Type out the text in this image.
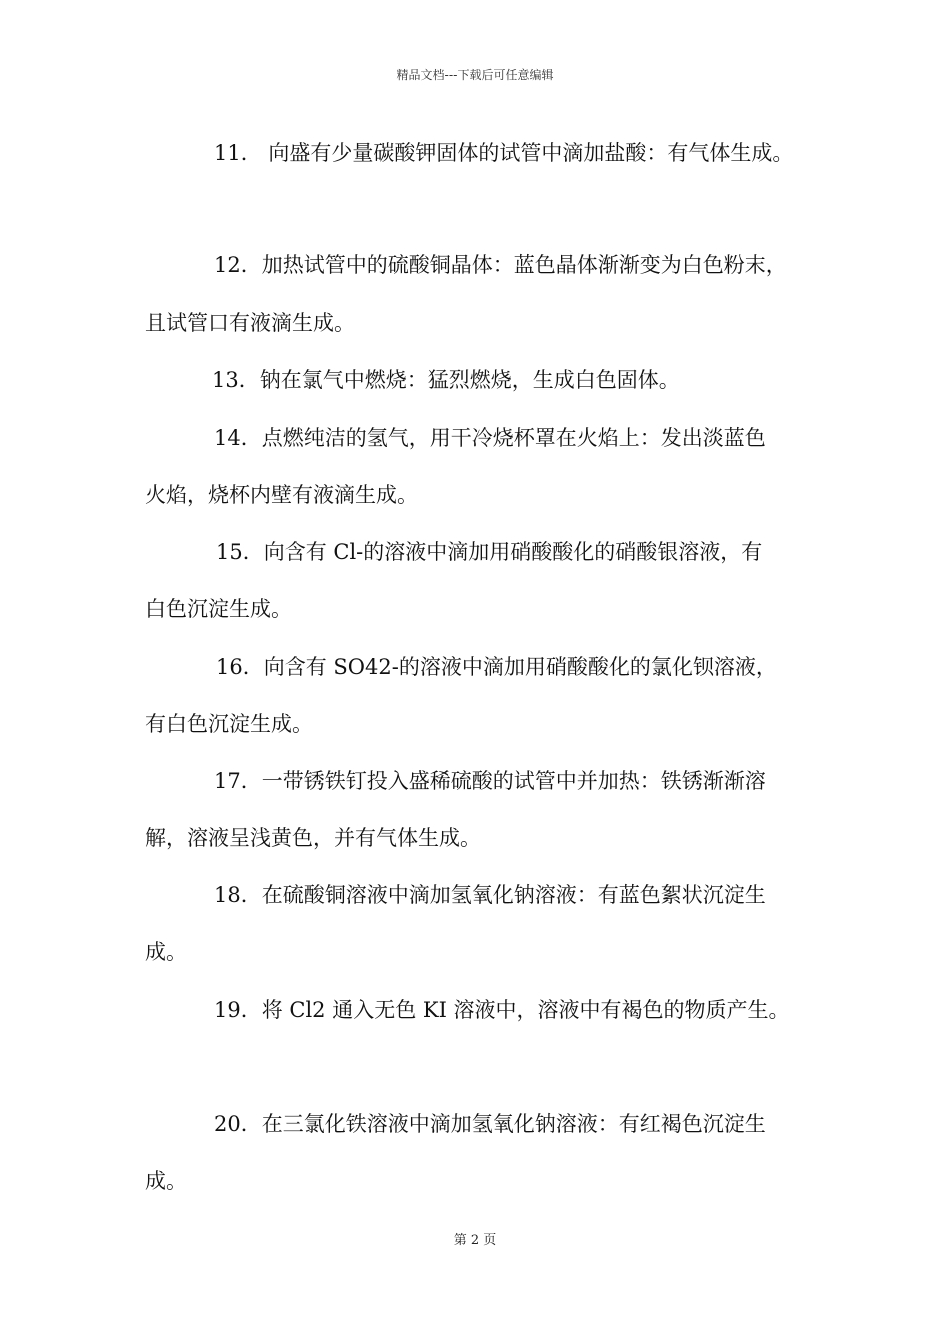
精品文档---下载后可任意编辑
11． 向盛有少量碳酸钾固体的试管中滴加盐酸：有气体生成。
12．加热试管中的硫酸铜晶体：蓝色晶体渐渐变为白色粉末，
且试管口有液滴生成。
13．钠在氯气中燃烧：猛烈燃烧，生成白色固体。
14．点燃纯洁的氢气，用干冷烧杯罩在火焰上：发出淡蓝色
火焰，烧杯内壁有液滴生成。
15．向含有 Cl-的溶液中滴加用硝酸酸化的硝酸银溶液，有
白色沉淀生成。
16．向含有 SO42-的溶液中滴加用硝酸酸化的氯化钡溶液，
有白色沉淀生成。
17．一带锈铁钉投入盛稀硫酸的试管中并加热：铁锈渐渐溶
解，溶液呈浅黄色，并有气体生成。
18．在硫酸铜溶液中滴加氢氧化钠溶液：有蓝色絮状沉淀生
成。
19．将 Cl2 通入无色 KI 溶液中，溶液中有褐色的物质产生。
20．在三氯化铁溶液中滴加氢氧化钠溶液：有红褐色沉淀生
成。
第 2 页
